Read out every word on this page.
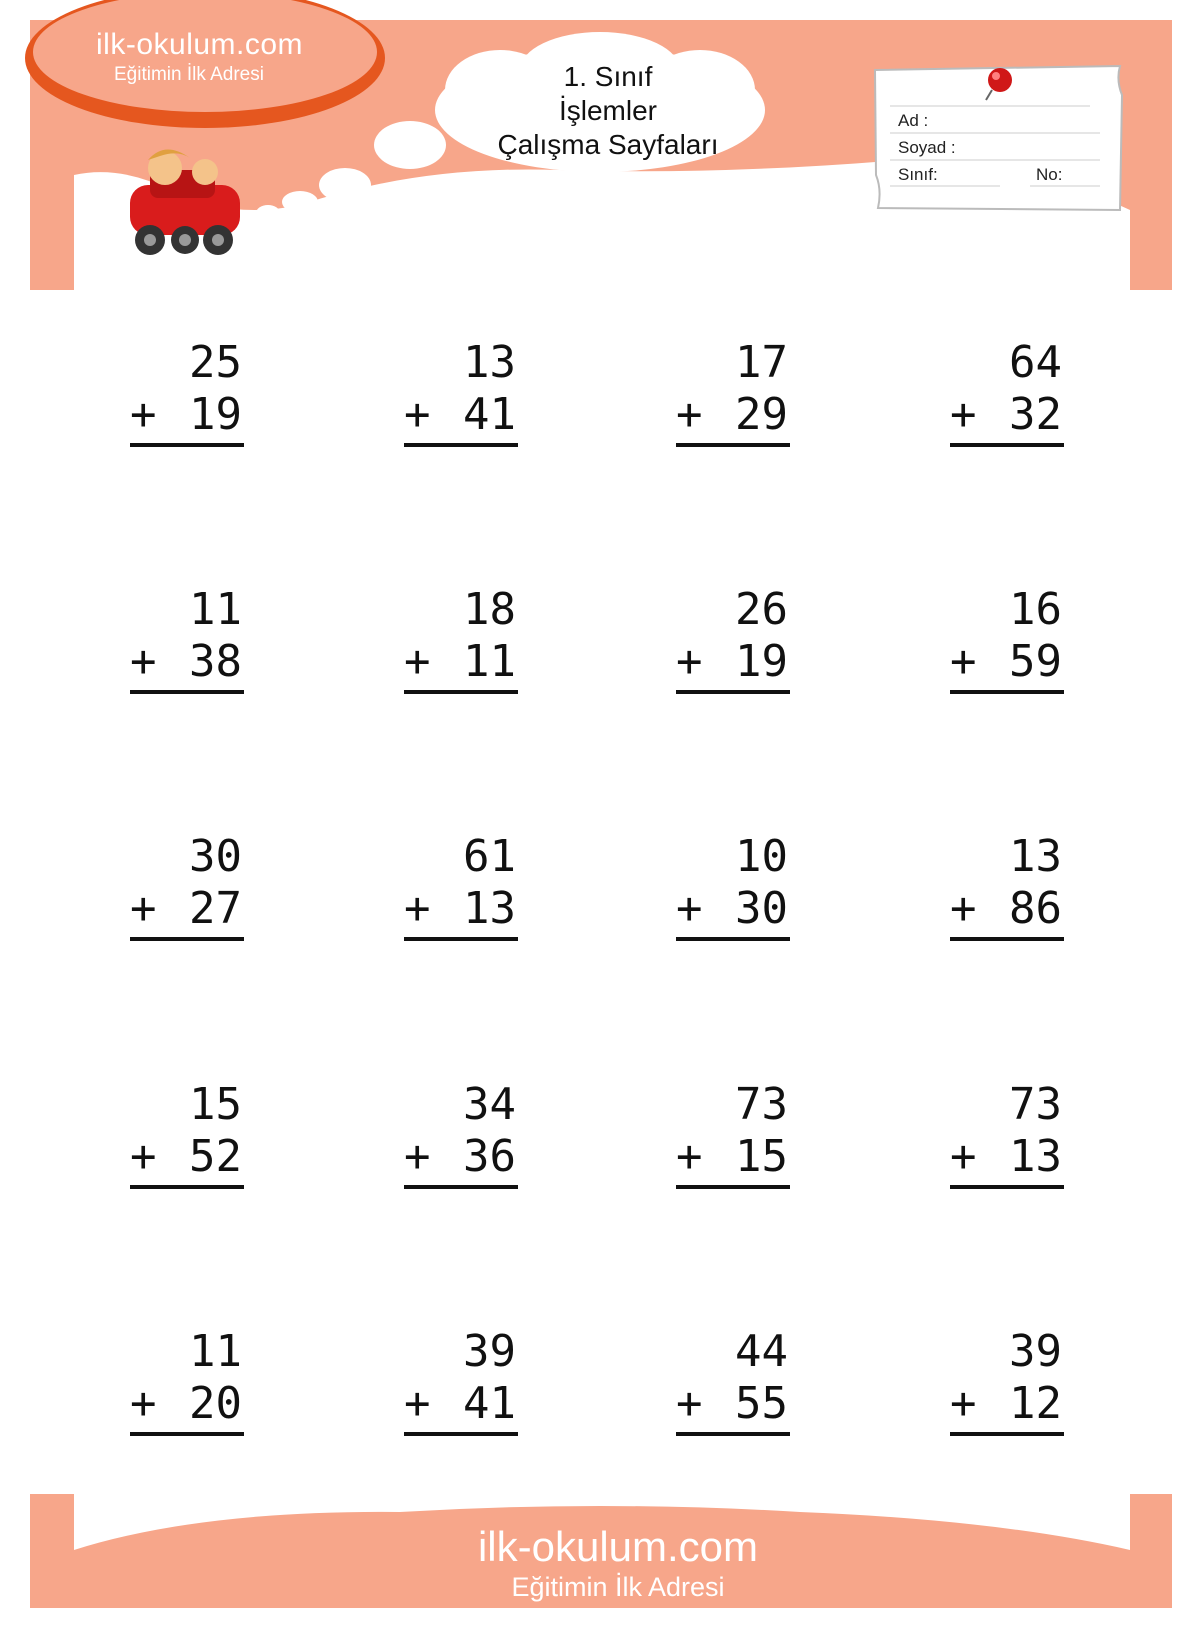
ilk-okulum.com
Eğitimin İlk Adresi	1. Sınıf
İşlemler
Çalışma Sayfaları
Ad :
Soyad :
Sınıf:	No:
25
+ 19
13
+ 41
17
+ 29
64
+ 32
11
+ 38
18
+ 11
26
+ 19
16
+ 59
30
+ 27
61
+ 13
10
+ 30
13
+ 86
15
+ 52
34
+ 36
73
+ 15
73
+ 13
11
+ 20
39
+ 41
44
+ 55
39
+ 12
ilk-okulum.com
Eğitimin İlk Adresi
